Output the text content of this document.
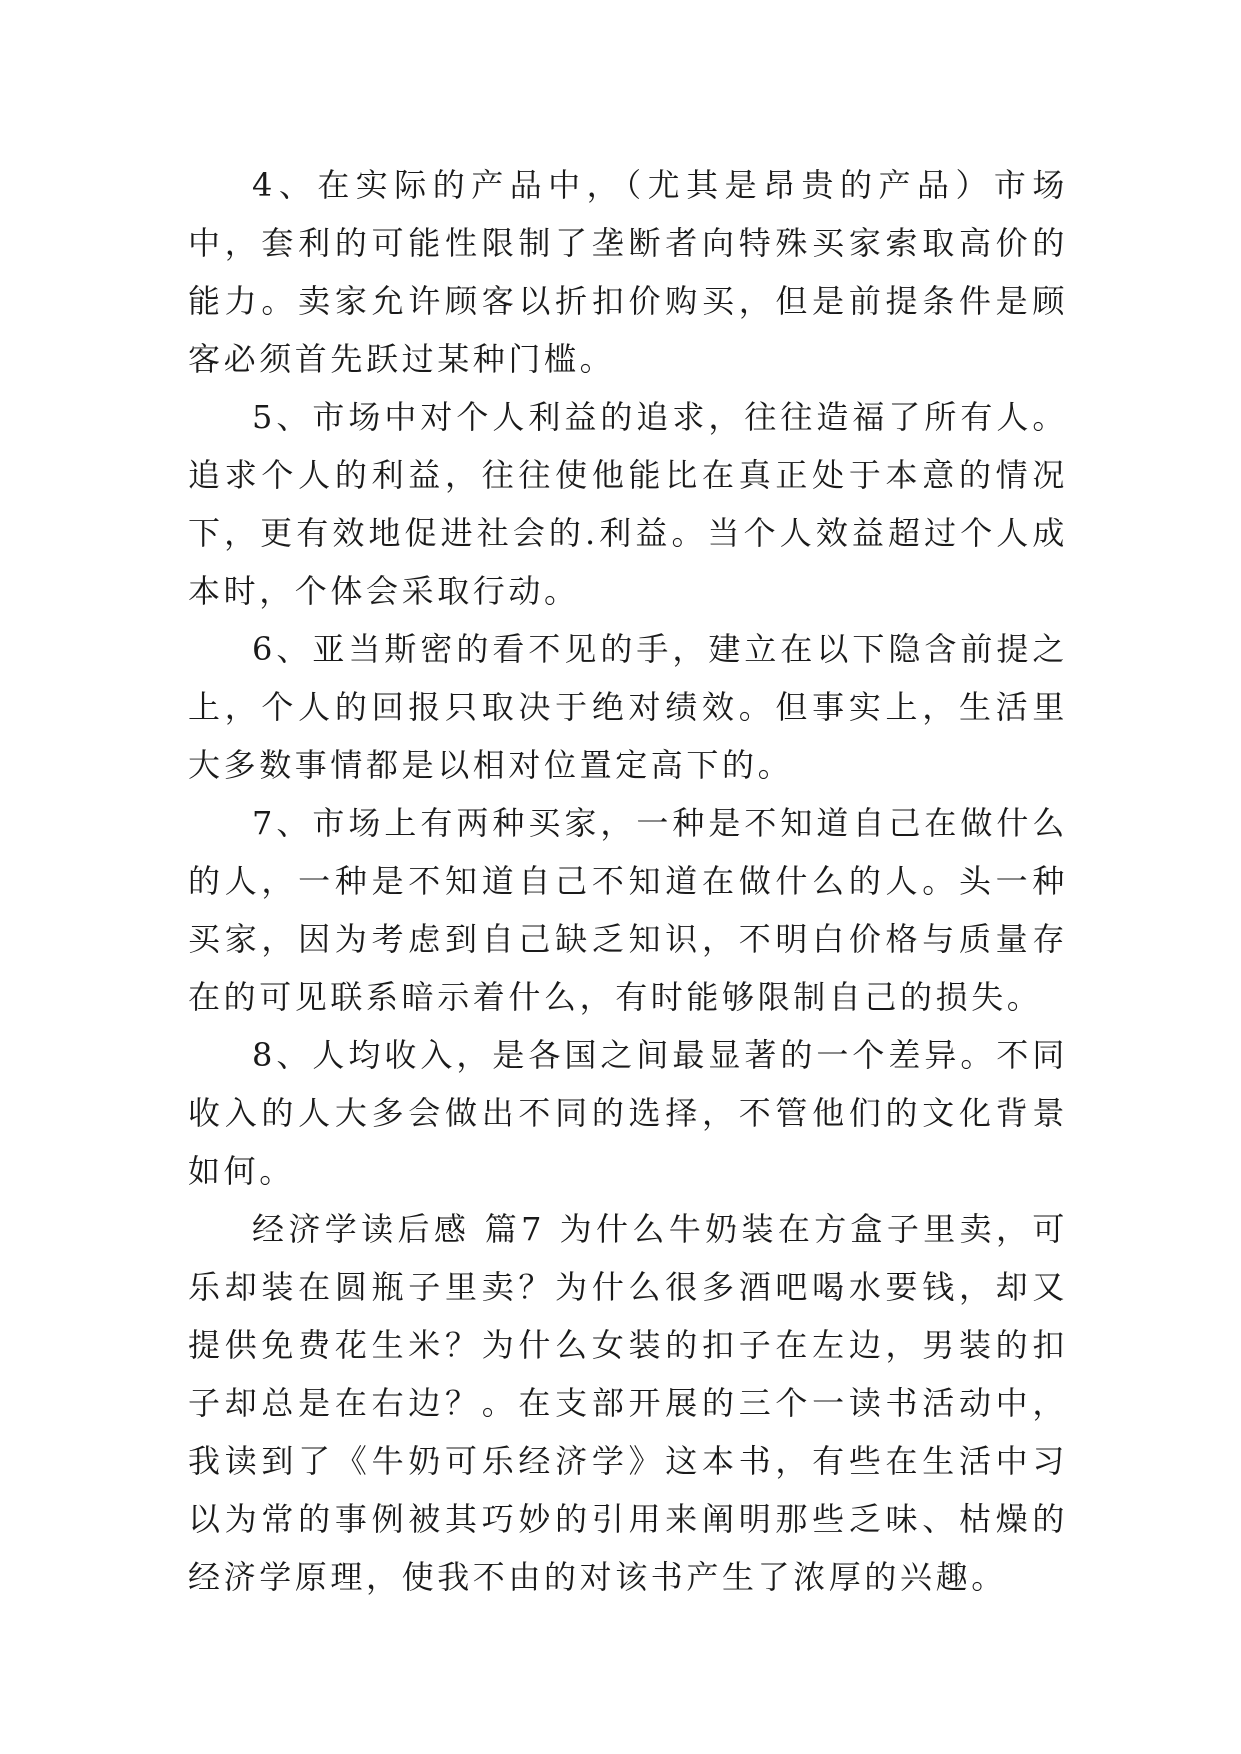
4、在实际的产品中，（尤其是昂贵的产品）市场中，套利的可能性限制了垄断者向特殊买家索取高价的能力。卖家允许顾客以折扣价购买，但是前提条件是顾客必须首先跃过某种门槛。

5、市场中对个人利益的追求，往往造福了所有人。追求个人的利益，往往使他能比在真正处于本意的情况下，更有效地促进社会的.利益。当个人效益超过个人成本时，个体会采取行动。

6、亚当斯密的看不见的手，建立在以下隐含前提之上，个人的回报只取决于绝对绩效。但事实上，生活里大多数事情都是以相对位置定高下的。

7、市场上有两种买家，一种是不知道自己在做什么的人，一种是不知道自己不知道在做什么的人。头一种买家，因为考虑到自己缺乏知识，不明白价格与质量存在的可见联系暗示着什么，有时能够限制自己的损失。

8、人均收入，是各国之间最显著的一个差异。不同收入的人大多会做出不同的选择，不管他们的文化背景如何。

经济学读后感 篇7 为什么牛奶装在方盒子里卖，可乐却装在圆瓶子里卖？为什么很多酒吧喝水要钱，却又提供免费花生米？为什么女装的扣子在左边，男装的扣子却总是在右边？。在支部开展的三个一读书活动中，我读到了《牛奶可乐经济学》这本书，有些在生活中习以为常的事例被其巧妙的引用来阐明那些乏味、枯燥的经济学原理，使我不由的对该书产生了浓厚的兴趣。
